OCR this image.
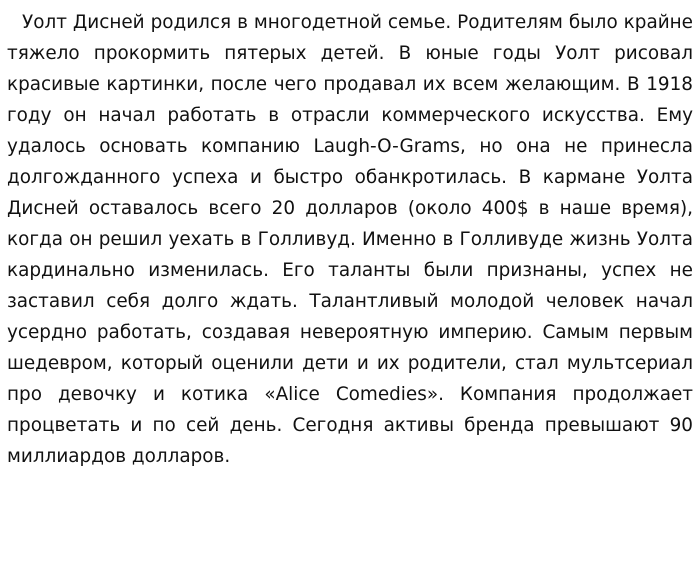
Уолт Дисней родился в многодетной семье. Родителям было крайне тяжело прокормить пятерых детей. В юные годы Уолт рисовал красивые картинки, после чего продавал их всем желающим. В 1918 году он начал работать в отрасли коммерческого искусства. Ему удалось основать компанию Laugh-O-Grams, но она не принесла долгожданного успеха и быстро обанкротилась. В кармане Уолта Дисней оставалось всего 20 долларов (около 400$ в наше время), когда он решил уехать в Голливуд. Именно в Голливуде жизнь Уолта кардинально изменилась. Его таланты были признаны, успех не заставил себя долго ждать. Талантливый молодой человек начал усердно работать, создавая невероятную империю. Самым первым шедевром, который оценили дети и их родители, стал мультсериал про девочку и котика «Alice Comedies». Компания продолжает процветать и по сей день. Сегодня активы бренда превышают 90 миллиардов долларов.
